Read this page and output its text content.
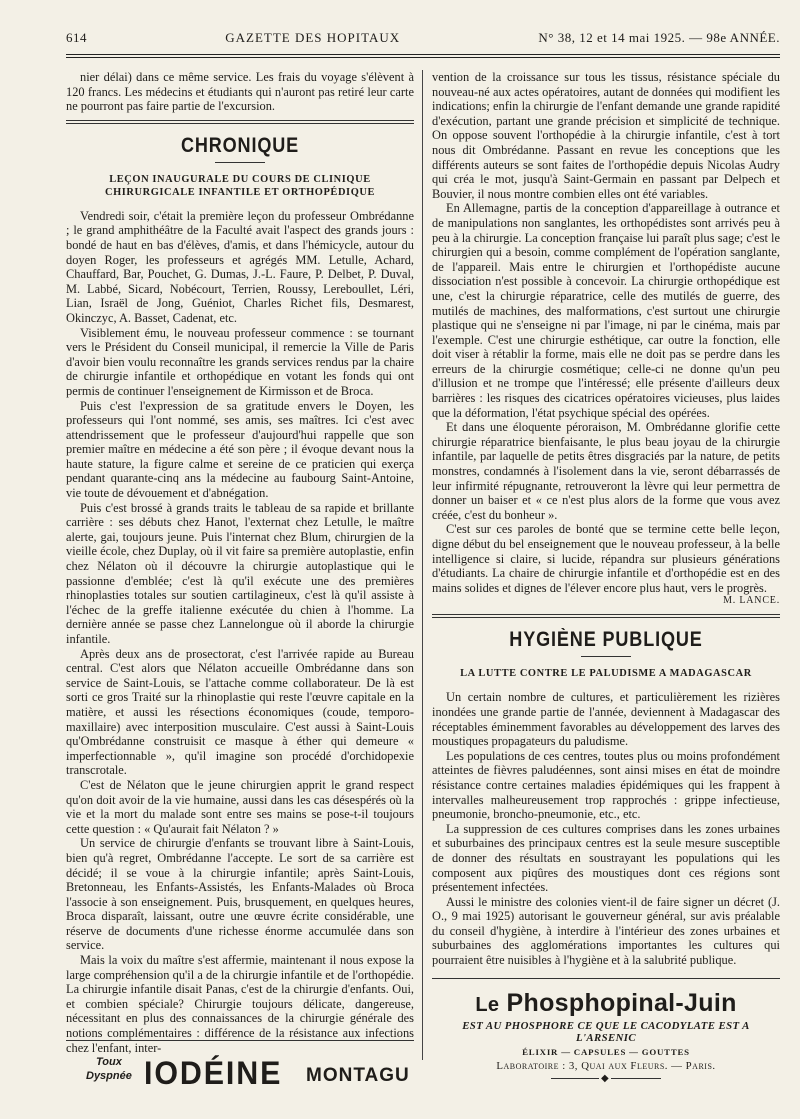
614	GAZETTE DES HOPITAUX	N° 38, 12 et 14 mai 1925. — 98e ANNÉE.

nier délai) dans ce même service. Les frais du voyage s'élèvent à 120 francs. Les médecins et étudiants qui n'auront pas retiré leur carte ne pourront pas faire partie de l'excursion.

CHRONIQUE
LEÇON INAUGURALE DU COURS DE CLINIQUE CHIRURGICALE INFANTILE ET ORTHOPÉDIQUE

Vendredi soir, c'était la première leçon du professeur Ombrédanne ; le grand amphithéâtre de la Faculté avait l'aspect des grands jours : bondé de haut en bas d'élèves, d'amis, et dans l'hémicycle, autour du doyen Roger, les professeurs et agrégés MM. Letulle, Achard, Chauffard, Bar, Pouchet, G. Dumas, J.-L. Faure, P. Delbet, P. Duval, M. Labbé, Sicard, Nobécourt, Terrien, Roussy, Lereboullet, Léri, Lian, Israël de Jong, Guéniot, Charles Richet fils, Desmarest, Okinczyc, A. Basset, Cadenat, etc.

Visiblement ému, le nouveau professeur commence : se tournant vers le Président du Conseil municipal, il remercie la Ville de Paris d'avoir bien voulu reconnaître les grands services rendus par la chaire de chirurgie infantile et orthopédique en votant les fonds qui ont permis de continuer l'enseignement de Kirmisson et de Broca.

Puis c'est l'expression de sa gratitude envers le Doyen, les professeurs qui l'ont nommé, ses amis, ses maîtres. Ici c'est avec attendrissement que le professeur d'aujourd'hui rappelle que son premier maître en médecine a été son père ; il évoque devant nous la haute stature, la figure calme et sereine de ce praticien qui exerça pendant quarante-cinq ans la médecine au faubourg Saint-Antoine, vie toute de dévouement et d'abnégation.

Puis c'est brossé à grands traits le tableau de sa rapide et brillante carrière : ses débuts chez Hanot, l'externat chez Letulle, le maître alerte, gai, toujours jeune. Puis l'internat chez Blum, chirurgien de la vieille école, chez Duplay, où il vit faire sa première autoplastie, enfin chez Nélaton où il découvre la chirurgie autoplastique qui le passionne d'emblée; c'est là qu'il exécute une des premières rhinoplasties totales sur soutien cartilagineux, c'est là qu'il assiste à l'échec de la greffe italienne exécutée du chien à l'homme. La dernière année se passe chez Lannelongue où il aborde la chirurgie infantile.

Après deux ans de prosectorat, c'est l'arrivée rapide au Bureau central. C'est alors que Nélaton accueille Ombrédanne dans son service de Saint-Louis, se l'attache comme collaborateur. De là est sorti ce gros Traité sur la rhinoplastie qui reste l'œuvre capitale en la matière, et aussi les résections économiques (coude, temporo-maxillaire) avec interposition musculaire. C'est aussi à Saint-Louis qu'Ombrédanne construisit ce masque à éther qui demeure « imperfectionnable », qu'il imagine son procédé d'orchidopexie transcrotale.

C'est de Nélaton que le jeune chirurgien apprit le grand respect qu'on doit avoir de la vie humaine, aussi dans les cas désespérés où la vie et la mort du malade sont entre ses mains se pose-t-il toujours cette question : « Qu'aurait fait Nélaton ? »

Un service de chirurgie d'enfants se trouvant libre à Saint-Louis, bien qu'à regret, Ombrédanne l'accepte. Le sort de sa carrière est décidé; il se voue à la chirurgie infantile; après Saint-Louis, Bretonneau, les Enfants-Assistés, les Enfants-Malades où Broca l'associe à son enseignement. Puis, brusquement, en quelques heures, Broca disparaît, laissant, outre une œuvre écrite considérable, une réserve de documents d'une richesse énorme accumulée dans son service.

Mais la voix du maître s'est affermie, maintenant il nous expose la large compréhension qu'il a de la chirurgie infantile et de l'orthopédie. La chirurgie infantile disait Panas, c'est de la chirurgie d'enfants. Oui, et combien spéciale? Chirurgie toujours délicate, dangereuse, nécessitant en plus des connaissances de la chirurgie générale des notions complémentaires : différence de la résistance aux infections chez l'enfant, inter-

vention de la croissance sur tous les tissus, résistance spéciale du nouveau-né aux actes opératoires, autant de données qui modifient les indications; enfin la chirurgie de l'enfant demande une grande rapidité d'exécution, partant une grande précision et simplicité de technique. On oppose souvent l'orthopédie à la chirurgie infantile, c'est à tort nous dit Ombrédanne. Passant en revue les conceptions que les différents auteurs se sont faites de l'orthopédie depuis Nicolas Audry qui créa le mot, jusqu'à Saint-Germain en passant par Delpech et Bouvier, il nous montre combien elles ont été variables.

En Allemagne, partis de la conception d'appareillage à outrance et de manipulations non sanglantes, les orthopédistes sont arrivés peu à peu à la chirurgie. La conception française lui paraît plus sage; c'est le chirurgien qui a besoin, comme complément de l'opération sanglante, de l'appareil. Mais entre le chirurgien et l'orthopédiste aucune dissociation n'est possible à concevoir. La chirurgie orthopédique est une, c'est la chirurgie réparatrice, celle des mutilés de guerre, des mutilés de machines, des malformations, c'est surtout une chirurgie plastique qui ne s'enseigne ni par l'image, ni par le cinéma, mais par l'exemple. C'est une chirurgie esthétique, car outre la fonction, elle doit viser à rétablir la forme, mais elle ne doit pas se perdre dans les erreurs de la chirurgie cosmétique; celle-ci ne donne qu'un peu d'illusion et ne trompe que l'intéressé; elle présente d'ailleurs deux barrières : les risques des cicatrices opératoires vicieuses, plus laides que la déformation, l'état psychique spécial des opérées.

Et dans une éloquente péroraison, M. Ombrédanne glorifie cette chirurgie réparatrice bienfaisante, le plus beau joyau de la chirurgie infantile, par laquelle de petits êtres disgraciés par la nature, de petits monstres, condamnés à l'isolement dans la vie, seront débarrassés de leur infirmité répugnante, retrouveront la lèvre qui leur permettra de donner un baiser et « ce n'est plus alors de la forme que vous avez créée, c'est du bonheur ».

C'est sur ces paroles de bonté que se termine cette belle leçon, digne début du bel enseignement que le nouveau professeur, à la belle intelligence si claire, si lucide, répandra sur plusieurs générations d'étudiants. La chaire de chirurgie infantile et d'orthopédie est en des mains solides et dignes de l'élever encore plus haut, vers le progrès.

M. LANCE.
HYGIÈNE PUBLIQUE
LA LUTTE CONTRE LE PALUDISME A MADAGASCAR

Un certain nombre de cultures, et particulièrement les rizières inondées une grande partie de l'année, deviennent à Madagascar des réceptables éminemment favorables au développement des larves des moustiques propagateurs du paludisme.

Les populations de ces centres, toutes plus ou moins profondément atteintes de fièvres paludéennes, sont ainsi mises en état de moindre résistance contre certaines maladies épidémiques qui les frappent à intervalles malheureusement trop rapprochés : grippe infectieuse, pneumonie, broncho-pneumonie, etc., etc.

La suppression de ces cultures comprises dans les zones urbaines et suburbaines des principaux centres est la seule mesure susceptible de donner des résultats en soustrayant les populations qui les composent aux piqûres des moustiques dont ces régions sont présentement infectées.

Aussi le ministre des colonies vient-il de faire signer un décret (J. O., 9 mai 1925) autorisant le gouverneur général, sur avis préalable du conseil d'hygiène, à interdire à l'intérieur des zones urbaines et suburbaines des agglomérations importantes les cultures qui pourraient être nuisibles à l'hygiène et à la salubrité publique.

Le Phosphopinal-Juin
EST AU PHOSPHORE CE QUE LE CACODYLATE EST A L'ARSENIC
ÉLIXIR — CAPSULES — GOUTTES
Laboratoire : 3, Quai aux Fleurs. — Paris.
◆
Toux
Dyspnée IODÉINE MONTAGU
